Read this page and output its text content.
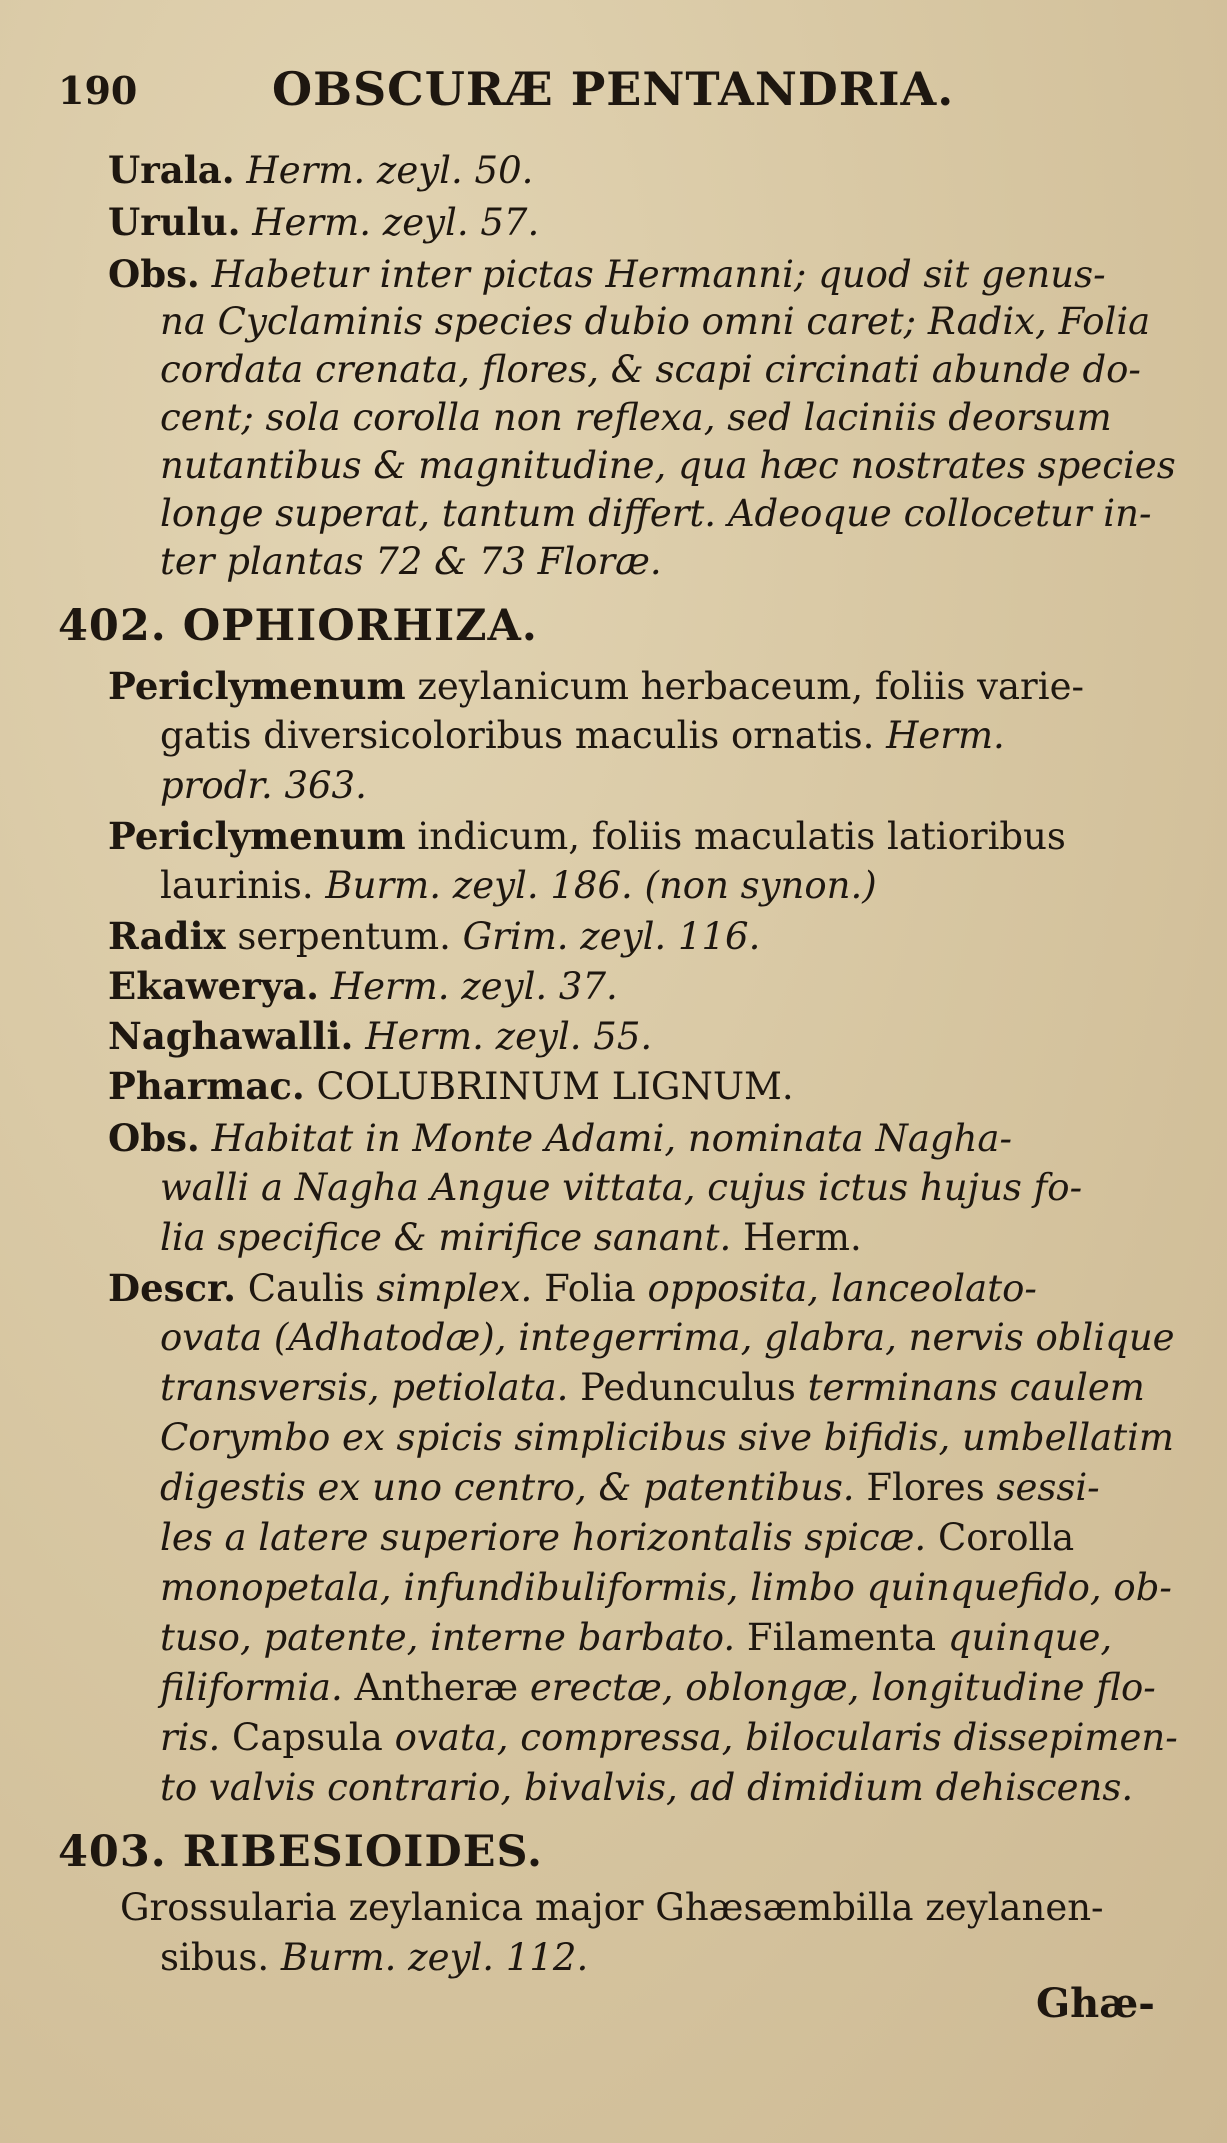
190	OBSCURÆ PENTANDRIA.
Urala. Herm. zeyl. 50.
Urulu. Herm. zeyl. 57.
Obs. Habetur inter pictas Hermanni; quod sit genus-
na Cyclaminis species dubio omni caret; Radix, Folia
cordata crenata, flores, & scapi circinati abunde do-
cent; sola corolla non reflexa, sed laciniis deorsum
nutantibus & magnitudine, qua hæc nostrates species
longe superat, tantum differt. Adeoque collocetur in-
ter plantas 72 & 73 Floræ.
402. OPHIORHIZA.
Periclymenum zeylanicum herbaceum, foliis varie-
gatis diversicoloribus maculis ornatis. Herm.
prodr. 363.
Periclymenum indicum, foliis maculatis latioribus
laurinis. Burm. zeyl. 186. (non synon.)
Radix serpentum. Grim. zeyl. 116.
Ekawerya. Herm. zeyl. 37.
Naghawalli. Herm. zeyl. 55.
Pharmac. COLUBRINUM LIGNUM.
Obs. Habitat in Monte Adami, nominata Nagha-
walli a Nagha Angue vittata, cujus ictus hujus fo-
lia specifice & mirifice sanant. Herm.
Descr. Caulis simplex. Folia opposita, lanceolato-
ovata (Adhatodæ), integerrima, glabra, nervis oblique
transversis, petiolata. Pedunculus terminans caulem
Corymbo ex spicis simplicibus sive bifidis, umbellatim
digestis ex uno centro, & patentibus. Flores sessi-
les a latere superiore horizontalis spicæ. Corolla
monopetala, infundibuliformis, limbo quinquefido, ob-
tuso, patente, interne barbato. Filamenta quinque,
filiformia. Antheræ erectæ, oblongæ, longitudine flo-
ris. Capsula ovata, compressa, bilocularis dissepimen-
to valvis contrario, bivalvis, ad dimidium dehiscens.
403. RIBESIOIDES.
Grossularia zeylanica major Ghæsæmbilla zeylanen-
sibus. Burm. zeyl. 112.
Ghæ-
